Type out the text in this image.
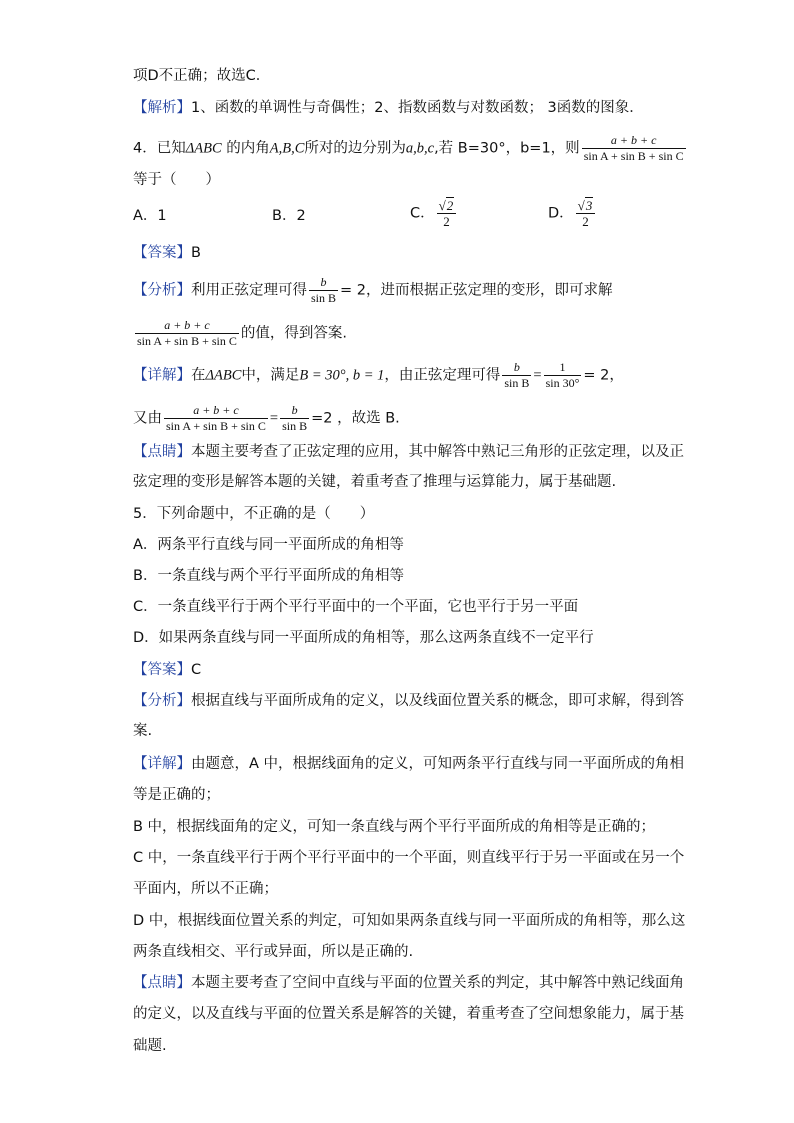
项D不正确；故选C．
【解析】1、函数的单调性与奇偶性；2、指数函数与对数函数； 3函数的图象．
4．已知ΔABC 的内角A,B,C所对的边分别为a,b,c,若 B=30°，b=1，则 $\frac{a + b + c}{\text{sin A + sin B + sin C}}$
等于（　　）
A．1	B．2	C． $\frac{√2}{2}$	D． $\frac{√3}{2}$
【答案】B
【分析】利用正弦定理可得 $\frac{b}{\text{sin B}} = 2$，进而根据正弦定理的变形，即可求解
$\frac{a + b + c}{\text{sin A + sin B + sin C}}$ 的值，得到答案.
【详解】在ΔABC中，满足B = 30°, b = 1，由正弦定理可得 $\frac{b}{\text{sin B}} = \frac{1}{\sin 30^\circ} = 2$，
又由 $\frac{a + b + c}{\text{sin A + sin B + sin C}} = \frac{b}{\text{sin B}} =2$ ，故选 B.
【点睛】本题主要考查了正弦定理的应用，其中解答中熟记三角形的正弦定理，以及正
弦定理的变形是解答本题的关键，着重考查了推理与运算能力，属于基础题.
5．下列命题中，不正确的是（　　）
A．两条平行直线与同一平面所成的角相等
B．一条直线与两个平行平面所成的角相等
C．一条直线平行于两个平行平面中的一个平面，它也平行于另一平面
D．如果两条直线与同一平面所成的角相等，那么这两条直线不一定平行
【答案】C
【分析】根据直线与平面所成角的定义，以及线面位置关系的概念，即可求解，得到答
案.
【详解】由题意，A 中，根据线面角的定义，可知两条平行直线与同一平面所成的角相
等是正确的；
B 中，根据线面角的定义，可知一条直线与两个平行平面所成的角相等是正确的；
C 中，一条直线平行于两个平行平面中的一个平面，则直线平行于另一平面或在另一个
平面内，所以不正确；
D 中，根据线面位置关系的判定，可知如果两条直线与同一平面所成的角相等，那么这
两条直线相交、平行或异面，所以是正确的.
【点睛】本题主要考查了空间中直线与平面的位置关系的判定，其中解答中熟记线面角
的定义，以及直线与平面的位置关系是解答的关键，着重考查了空间想象能力，属于基
础题.
